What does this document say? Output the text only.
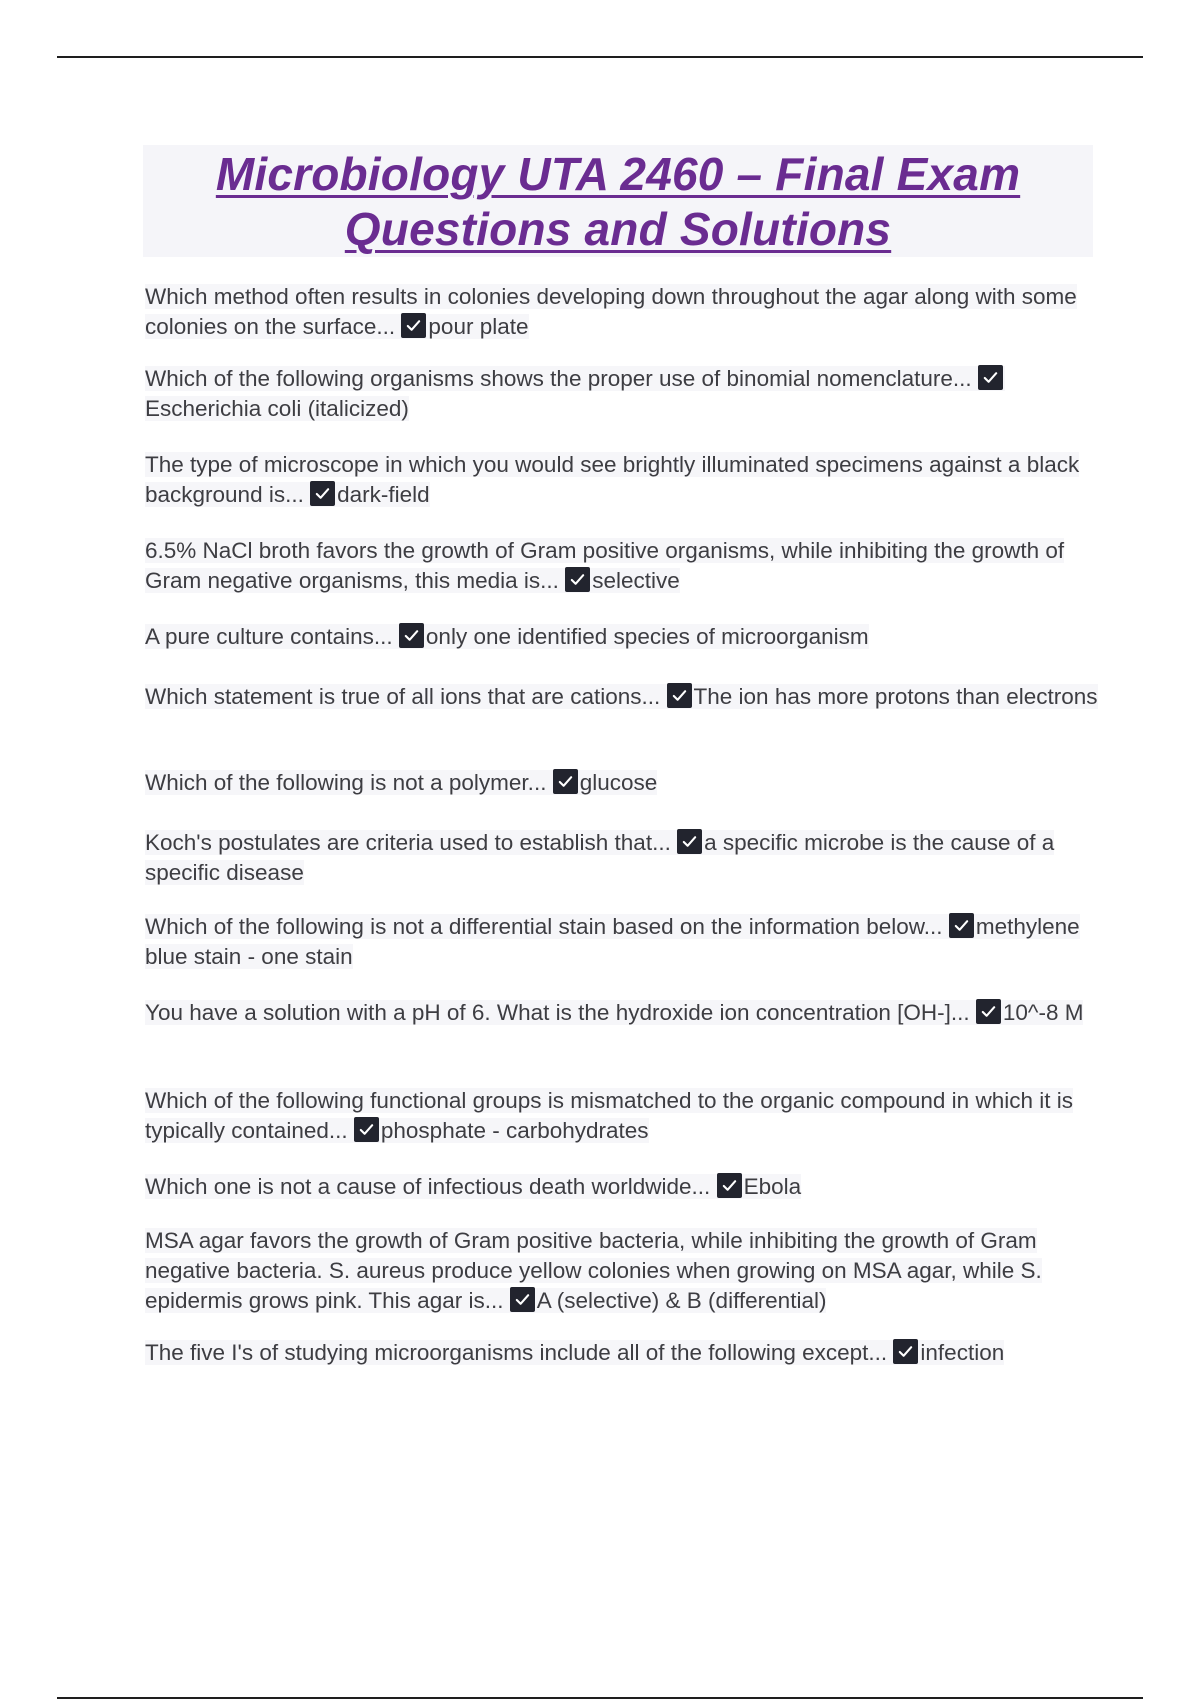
Microbiology UTA 2460 – Final Exam
Questions and Solutions
Which method often results in colonies developing down throughout the agar along with some colonies on the surface... pour plate
Which of the following organisms shows the proper use of binomial nomenclature...
Escherichia coli (italicized)
The type of microscope in which you would see brightly illuminated specimens against a black background is... dark-field
6.5% NaCl broth favors the growth of Gram positive organisms, while inhibiting the growth of Gram negative organisms, this media is... selective
A pure culture contains... only one identified species of microorganism
Which statement is true of all ions that are cations... The ion has more protons than electrons
Which of the following is not a polymer... glucose
Koch's postulates are criteria used to establish that... a specific microbe is the cause of a specific disease
Which of the following is not a differential stain based on the information below... methylene blue stain - one stain
You have a solution with a pH of 6. What is the hydroxide ion concentration [OH-]... 10^-8 M
Which of the following functional groups is mismatched to the organic compound in which it is typically contained... phosphate - carbohydrates
Which one is not a cause of infectious death worldwide... Ebola
MSA agar favors the growth of Gram positive bacteria, while inhibiting the growth of Gram negative bacteria. S. aureus produce yellow colonies when growing on MSA agar, while S. epidermis grows pink. This agar is... A (selective) & B (differential)
The five I's of studying microorganisms include all of the following except... infection
